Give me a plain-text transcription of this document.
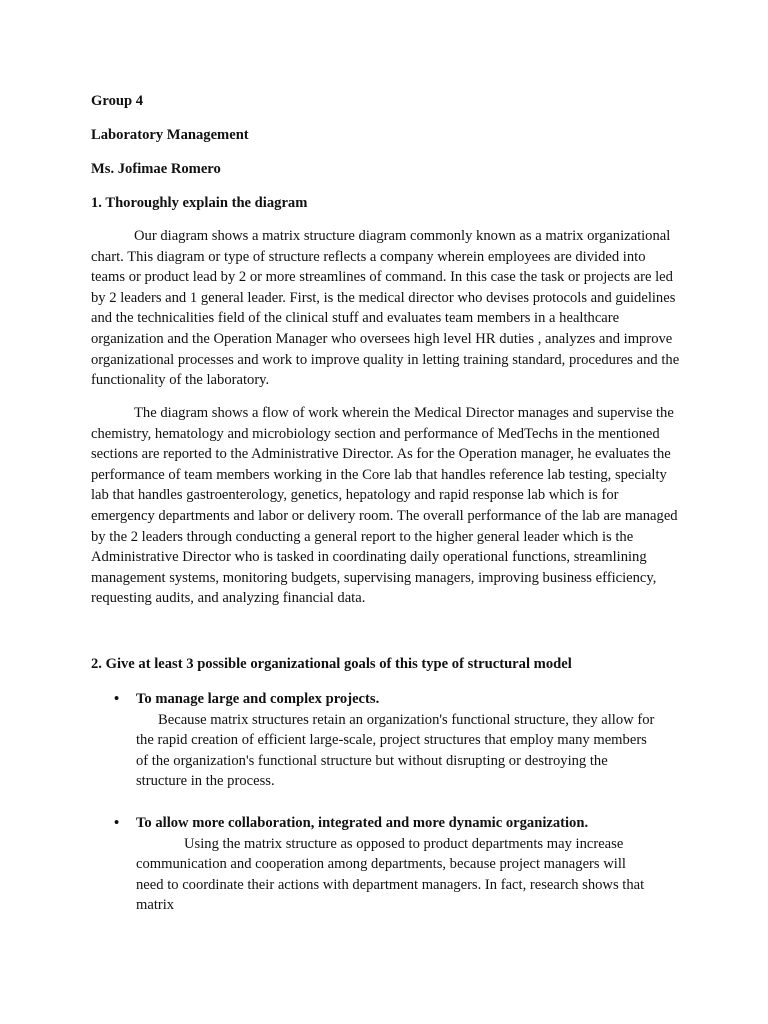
Group 4

Laboratory Management

Ms. Jofimae Romero

1. Thoroughly explain the diagram

Our diagram shows a matrix structure diagram commonly known as a matrix organizational chart. This diagram or type of structure reflects a company wherein employees are divided into teams or product lead by 2 or more streamlines of command. In this case the task or projects are led by 2 leaders and 1 general leader. First, is the medical director who devises protocols and guidelines and the technicalities field of the clinical stuff and evaluates team members in a healthcare organization and the Operation Manager who oversees high level HR duties , analyzes and improve organizational processes and work to improve quality in letting training standard, procedures and the functionality of the laboratory.

The diagram shows a flow of work wherein the Medical Director manages and supervise the chemistry, hematology and microbiology section and performance of MedTechs in the mentioned sections are reported to the Administrative Director. As for the Operation manager, he evaluates the performance of team members working in the Core lab that handles reference lab testing, specialty lab that handles gastroenterology, genetics, hepatology and rapid response lab which is for emergency departments and labor or delivery room. The overall performance of the lab are managed by the 2 leaders through conducting a general report to the higher general leader which is the Administrative Director who is tasked in coordinating daily operational functions, streamlining management systems, monitoring budgets, supervising managers, improving business efficiency, requesting audits, and analyzing financial data.

2. Give at least 3 possible organizational goals of this type of structural model

• To manage large and complex projects.

Because matrix structures retain an organization's functional structure, they allow for the rapid creation of efficient large-scale, project structures that employ many members of the organization's functional structure but without disrupting or destroying the structure in the process.

• To allow more collaboration, integrated and more dynamic organization.

Using the matrix structure as opposed to product departments may increase communication and cooperation among departments, because project managers will need to coordinate their actions with department managers. In fact, research shows that matrix
